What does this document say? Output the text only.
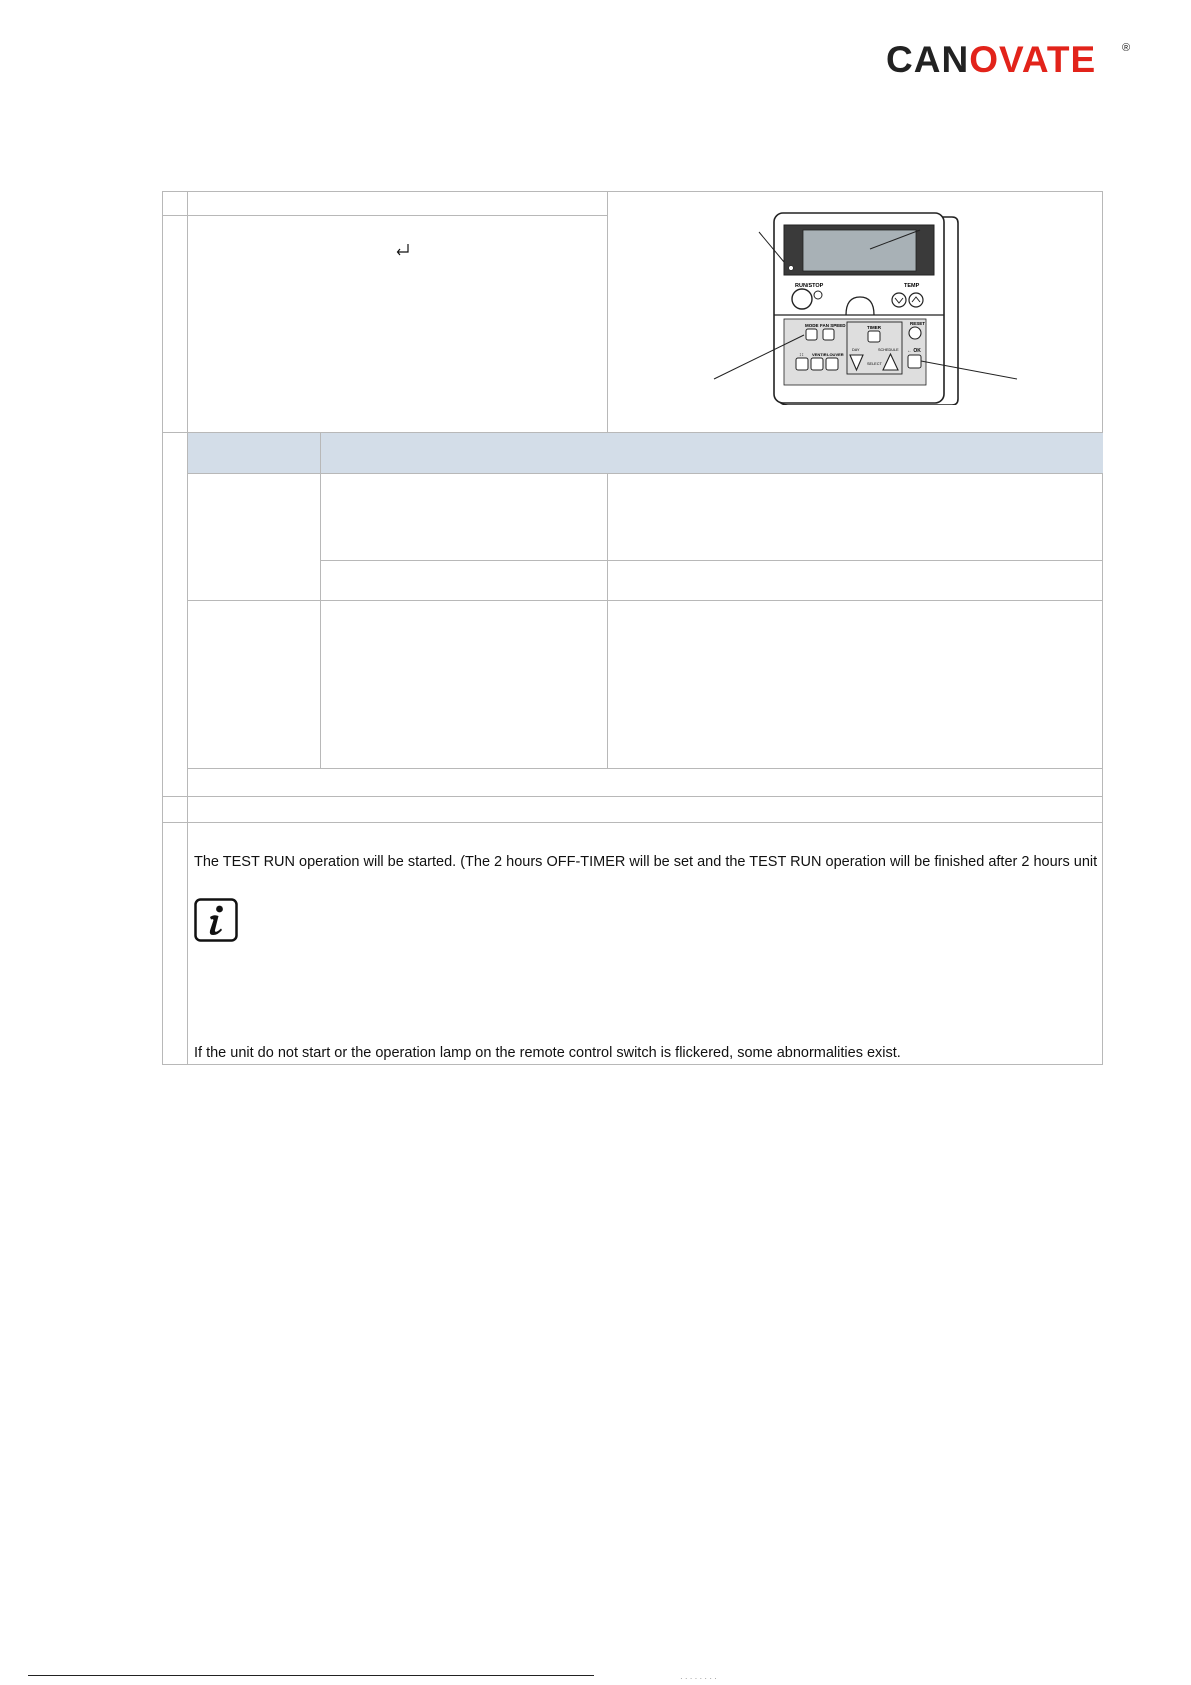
CANOVATE ®
RUN/STOP	TEMP
MODE FAN SPEED
↕↕ VENTIR LOUVER
TIMER
DAY	SCHEDULE
SELECT
RESET
← OK
The TEST RUN operation will be started. (The 2 hours OFF-TIMER will be set and the TEST RUN operation will be finished after 2 hours unit
If the unit do not start or the operation lamp on the remote control switch is flickered, some abnormalities exist.
· · · · · · · ·
